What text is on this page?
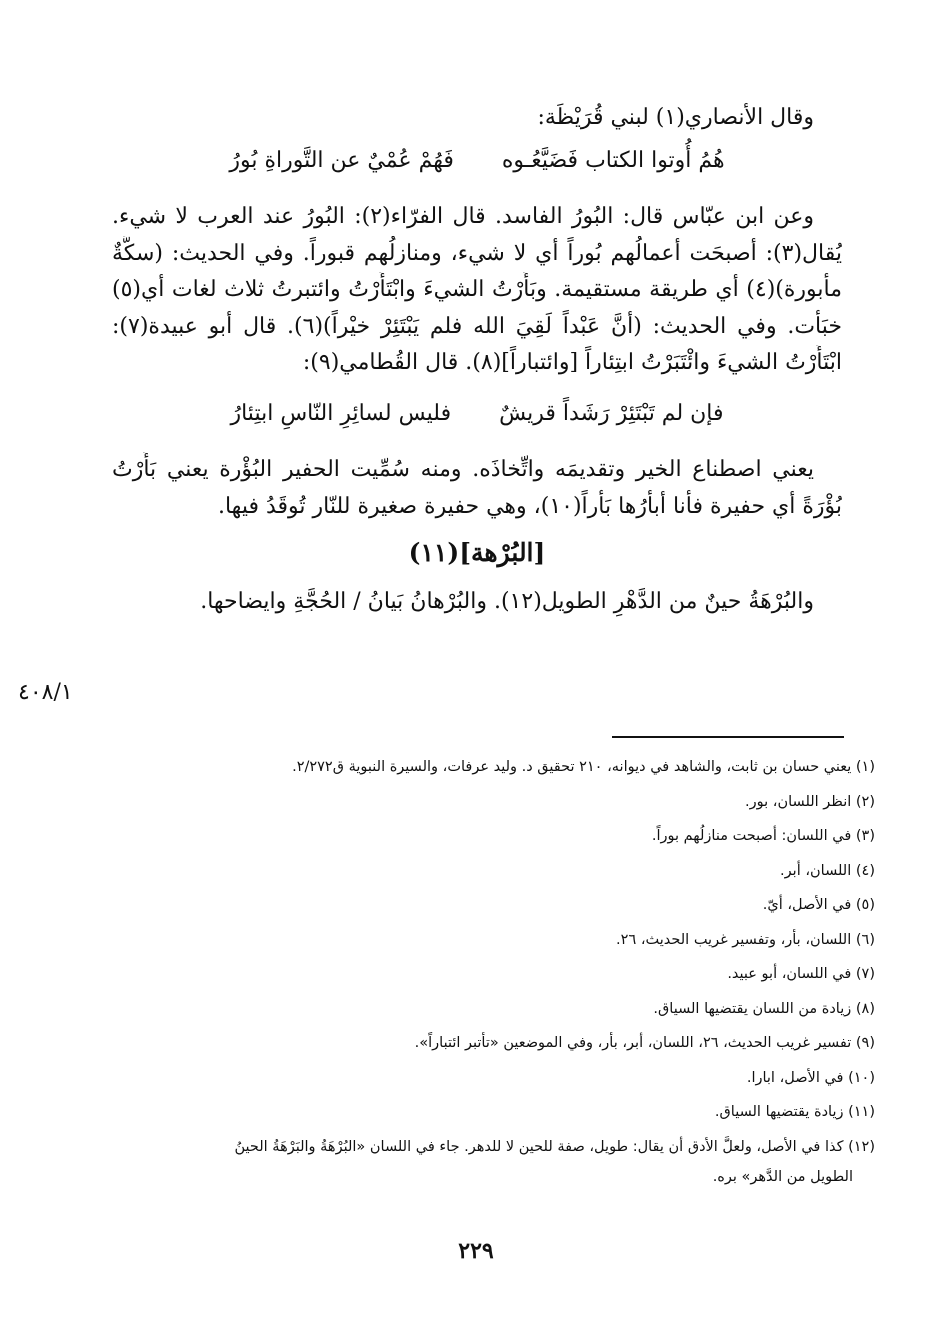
وقال الأنصاري(١) لبني قُرَيْظَة:
هُمُ أُوتوا الكتاب فَضَيَّعُـوه
فَهُمْ عُمْيٌ عن التَّوراةِ بُورُ
وعن ابن عبّاس قال: البُورُ الفاسد. قال الفرّاء(٢): البُورُ عند العرب لا شيء.
يُقال(٣): أصبحَت أعمالُهم بُوراً أي لا شيء، ومنازلُهم قبوراً. وفي الحديث: (سكَّةٌ
مأبورة)(٤) أي طريقة مستقيمة. وبَأَرْتُ الشيءَ وابْتَأَرْتُ وائتبرتُ ثلاث لغات أي(٥)
خبَأْت. وفي الحديث: (أنَّ عَبْداً لَقِيَ الله فلم يَبْتَئِرْ خيْراً)(٦). قال أبو عبيدة(٧):
ابْتَأَرْتُ الشيءَ وائْتَبَرْتُ ابتِئاراً [وائتباراً](٨). قال القُطامي(٩):
فإن لم تَبْتَئِرْ رَشَداً قريشٌ
فليس لسائِرِ النّاسِ ابتِئارُ
يعني اصطناع الخير وتقديمَه واتِّخاذَه. ومنه سُمِّيت الحفير البُؤْرة يعني بَأَرْتُ
بُؤْرَةً أي حفيرة فأنا أبأرُها بَأْراً(١٠)، وهي حفيرة صغيرة للنّار تُوقَدُ فيها.
[البُرْهة](١١)
والبُرْهَةُ حينٌ من الدَّهْرِ الطويل(١٢). والبُرْهانُ بَيانُ / الحُجَّةِ وايضاحها.
٤٠٨/١
(١) يعني حسان بن ثابت، والشاهد في ديوانه، ٢١٠ تحقيق د. وليد عرفات، والسيرة النبوية ق٢/٢٧٢.
(٢) انظر اللسان، بور.
(٣) في اللسان: أصبحت منازلُهم بوراً.
(٤) اللسان، أبر.
(٥) في الأصل، أيّ.
(٦) اللسان، بأر، وتفسير غريب الحديث، ٢٦.
(٧) في اللسان، أبو عبيد.
(٨) زيادة من اللسان يقتضيها السياق.
(٩) تفسير غريب الحديث، ٢٦، اللسان، أبر، بأر، وفي الموضعين «تأتبر ائتباراً».
(١٠) في الأصل، ابارا.
(١١) زيادة يقتضيها السياق.
(١٢) كذا في الأصل، ولعلَّ الأدق أن يقال: طويل، صفة للحين لا للدهر. جاء في اللسان «البُرْهَةُ والبَرْهَةُ الحينُ
الطويل من الدَّهر» بره.
٢٢٩
